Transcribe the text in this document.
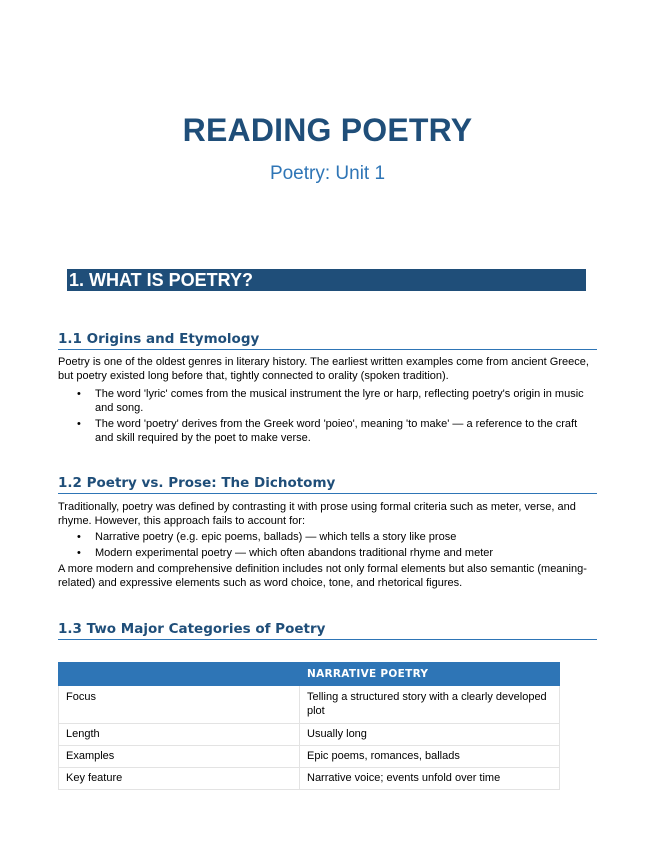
READING POETRY
Poetry: Unit 1
1. WHAT IS POETRY?
1.1 Origins and Etymology
Poetry is one of the oldest genres in literary history. The earliest written examples come from ancient Greece, but poetry existed long before that, tightly connected to orality (spoken tradition).
• The word 'lyric' comes from the musical instrument the lyre or harp, reflecting poetry's origin in music and song.
• The word 'poetry' derives from the Greek word 'poieo', meaning 'to make' — a reference to the craft and skill required by the poet to make verse.
1.2 Poetry vs. Prose: The Dichotomy
Traditionally, poetry was defined by contrasting it with prose using formal criteria such as meter, verse, and rhyme. However, this approach fails to account for:
• Narrative poetry (e.g. epic poems, ballads) — which tells a story like prose
• Modern experimental poetry — which often abandons traditional rhyme and meter
A more modern and comprehensive definition includes not only formal elements but also semantic (meaning-related) and expressive elements such as word choice, tone, and rhetorical figures.
1.3 Two Major Categories of Poetry
	NARRATIVE POETRY
Focus	Telling a structured story with a clearly developed plot
Length	Usually long
Examples	Epic poems, romances, ballads
Key feature	Narrative voice; events unfold over time
